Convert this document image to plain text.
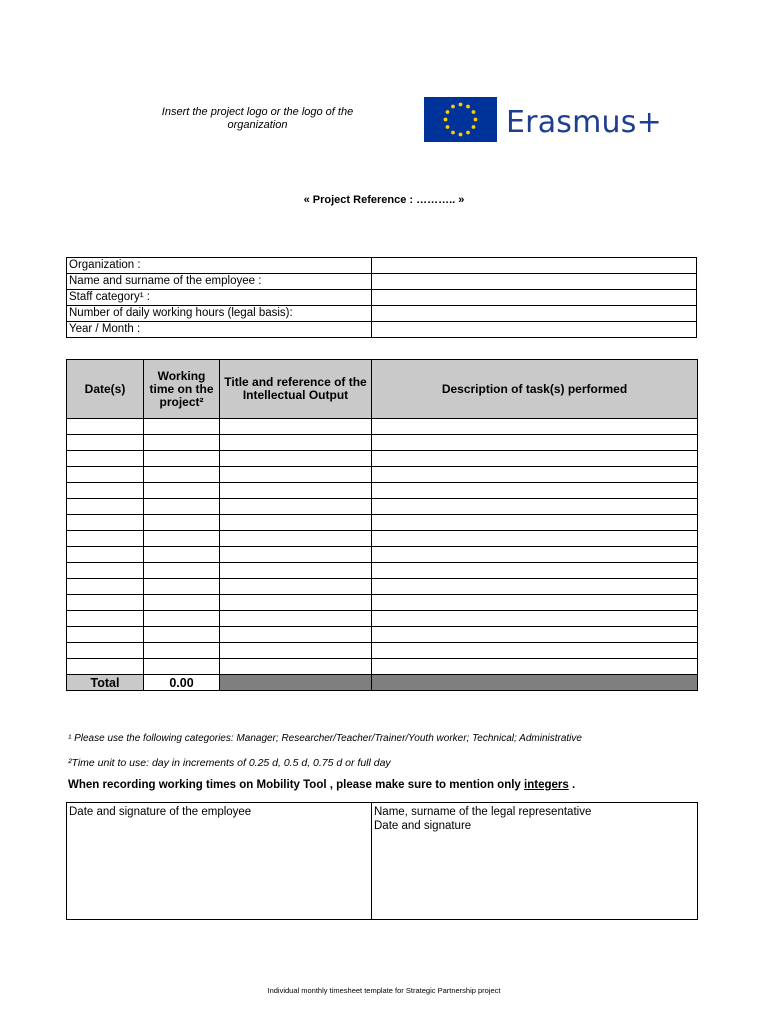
Insert the project logo or the logo of the organization	Erasmus+
« Project Reference : ……….. »
Organization :	
Name and surname of the employee :	
Staff category¹ :	
Number of daily working hours (legal basis):	
Year / Month :	
Date(s)	Working time on the project²	Title and reference of the Intellectual Output	Description of task(s) performed

Total	0.00		
¹ Please use the following categories: Manager; Researcher/Teacher/Trainer/Youth worker; Technical; Administrative
²Time unit to use: day in increments of 0.25 d, 0.5 d, 0.75 d or full day
When recording working times on Mobility Tool , please make sure to mention only integers .
Date and signature of the employee	Name, surname of the legal representative
Date and signature
Individual monthly timesheet template for Strategic Partnership project
